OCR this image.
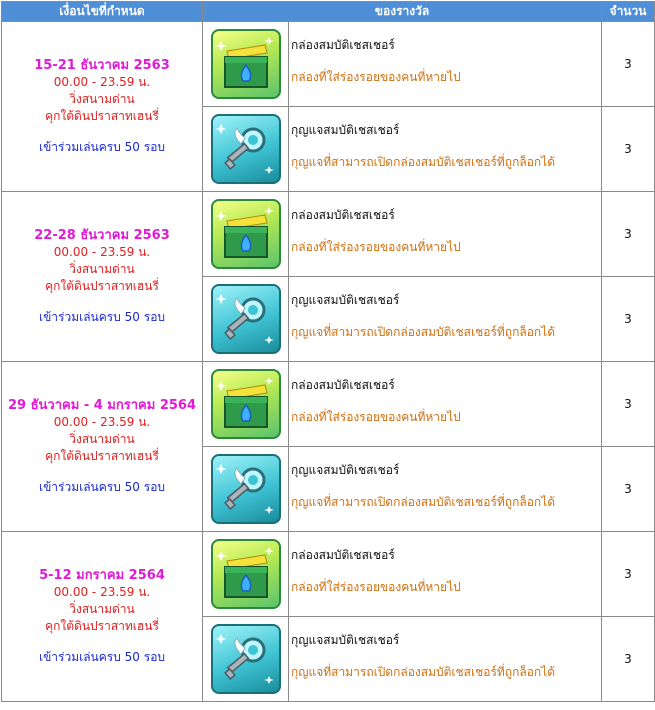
เงื่อนไขที่กำหนด	ของรางวัล		จำนวน
15-21 ธันวาคม 2563
00.00 - 23.59 น.
วิ่งสนามด่าน
คุกใต้ดินปราสาทเฮนรี่
เข้าร่วมเล่นครบ 50 รอบ		กล่องสมบัติเชสเชอร์
กล่องที่ใส่ร่องรอยของคนที่หายไป	3

กุญแจสมบัติเชสเชอร์
กุญแจที่สามารถเปิดกล่องสมบัติเชสเชอร์ที่ถูกล็อกได้	3
22-28 ธันวาคม 2563
00.00 - 23.59 น.
วิ่งสนามด่าน
คุกใต้ดินปราสาทเฮนรี่
เข้าร่วมเล่นครบ 50 รอบ		กล่องสมบัติเชสเชอร์
กล่องที่ใส่ร่องรอยของคนที่หายไป	3

กุญแจสมบัติเชสเชอร์
กุญแจที่สามารถเปิดกล่องสมบัติเชสเชอร์ที่ถูกล็อกได้	3
29 ธันวาคม - 4 มกราคม 2564
00.00 - 23.59 น.
วิ่งสนามด่าน
คุกใต้ดินปราสาทเฮนรี่
เข้าร่วมเล่นครบ 50 รอบ		กล่องสมบัติเชสเชอร์
กล่องที่ใส่ร่องรอยของคนที่หายไป	3

กุญแจสมบัติเชสเชอร์
กุญแจที่สามารถเปิดกล่องสมบัติเชสเชอร์ที่ถูกล็อกได้	3
5-12 มกราคม 2564
00.00 - 23.59 น.
วิ่งสนามด่าน
คุกใต้ดินปราสาทเฮนรี่
เข้าร่วมเล่นครบ 50 รอบ		กล่องสมบัติเชสเชอร์
กล่องที่ใส่ร่องรอยของคนที่หายไป	3

กุญแจสมบัติเชสเชอร์
กุญแจที่สามารถเปิดกล่องสมบัติเชสเชอร์ที่ถูกล็อกได้	3
